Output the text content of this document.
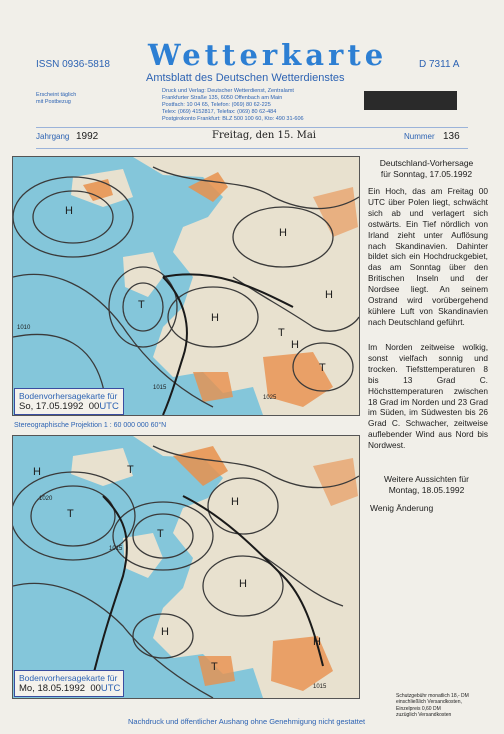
ISSN 0936-5818 Wetterkarte
Amtsblatt des Deutschen Wetterdienstes
D 7311 A
Erscheint täglich
mit Postbezug
Druck und Verlag: Deutscher Wetterdienst, Zentralamt
Frankfurter Straße 135, 6050 Offenbach am Main
Postfach: 10 04 65, Telefon: (069) 80 62-225
Telex: (069) 4152817, Telefax: (069) 80 62-484
Postgirokonto Frankfurt: BLZ 500 100 60, Kto: 490 31-606
Jahrgang 1992	Freitag, den 15. Mai	Nummer 136
H
H
H
H
T
T
T
H
1010
1015
1025
Bodenvorhersagekarte für
So, 17.05.1992 00UTC
Stereographische Projektion 1 : 60 000 000 60°N
T
H
T
T
H
H
T
H
H
1020
1015
1015
Bodenvorhersagekarte für
Mo, 18.05.1992 00UTC
Deutschland-Vorhersage
für Sonntag, 17.05.1992
Ein Hoch, das am Freitag 00 UTC über Polen liegt, schwächt sich ab und verlagert sich ostwärts. Ein Tief nördlich von Irland zieht unter Auflösung nach Skandinavien. Dahinter bildet sich ein Hochdruckgebiet, das am Sonntag über den Britischen Inseln und der Nordsee liegt. An seinem Ostrand wird vorübergehend kühlere Luft von Skandinavien nach Deutschland geführt.
Im Norden zeitweise wolkig, sonst vielfach sonnig und trocken. Tiefsttemperaturen 8 bis 13 Grad C. Höchsttemperaturen zwischen 18 Grad im Norden und 23 Grad im Süden, im Südwesten bis 26 Grad C. Schwacher, zeitweise auflebender Wind aus Nord bis Nordwest.
Weitere Aussichten für
Montag, 18.05.1992
Wenig Änderung
Schutzgebühr monatlich 18,- DM
einschließlich Versandkosten,
Einzelpreis 0,60 DM
zuzüglich Versandkosten
Nachdruck und öffentlicher Aushang ohne Genehmigung nicht gestattet
